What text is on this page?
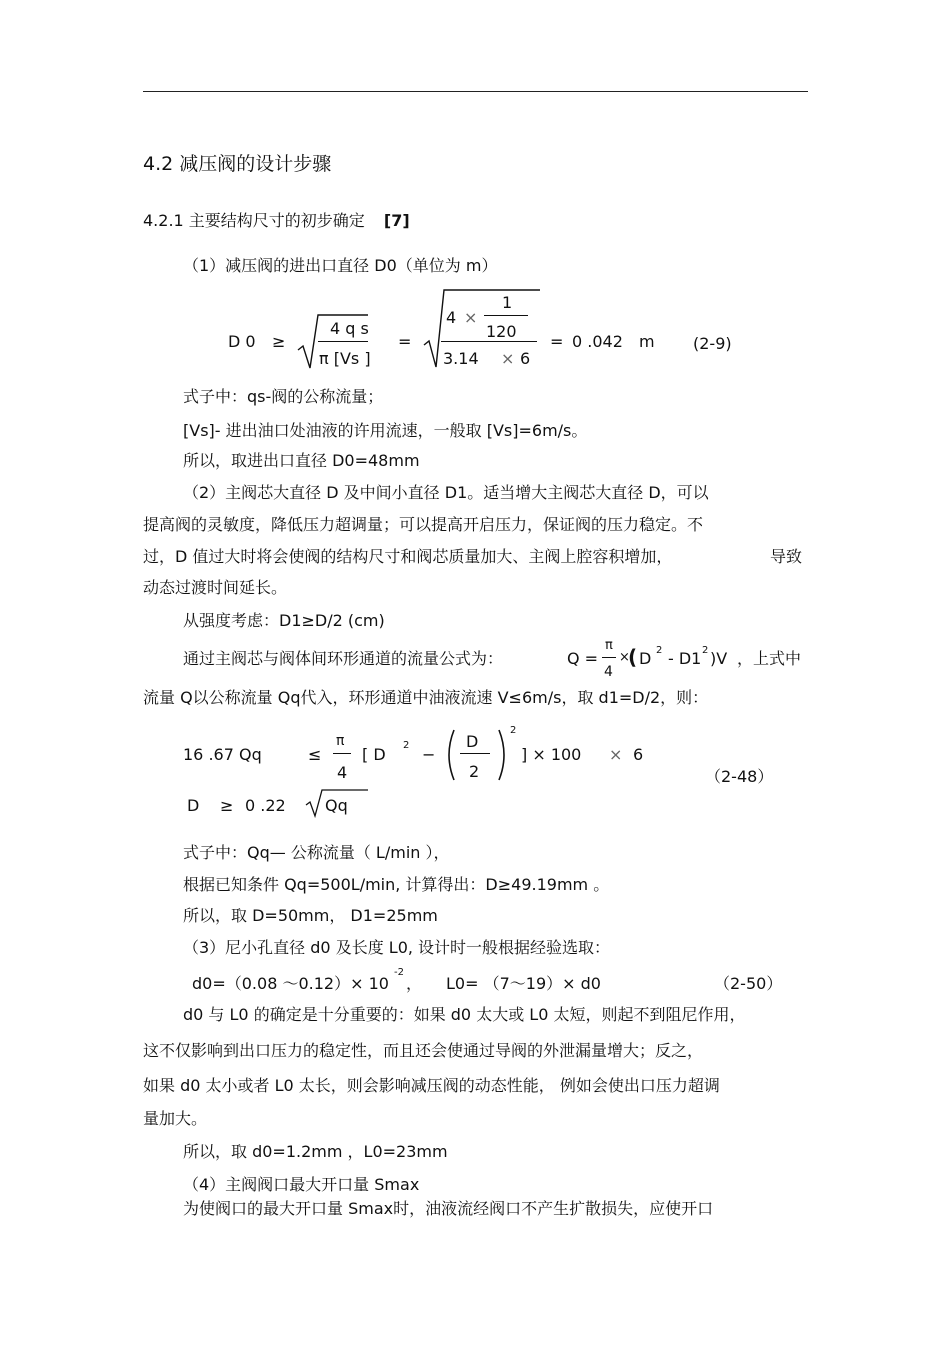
4.2 减压阀的设计步骤
4.2.1 主要结构尺寸的初步确定 [7]
（1）减压阀的进出口直径 D0（单位为 m）
D 0 ≥
4 q s
π [Vs ]
=
4 ×
1
120
3.14 × 6
= 0 .042 m (2-9)
式子中：qs-阀的公称流量；
[Vs]- 进出油口处油液的许用流速，一般取 [Vs]=6m/s。
所以，取进出口直径 D0=48mm
（2）主阀芯大直径 D 及中间小直径 D1。适当增大主阀芯大直径 D，可以
提高阀的灵敏度，降低压力超调量；可以提高开启压力，保证阀的压力稳定。不
过，D 值过大时将会使阀的结构尺寸和阀芯质量加大、主阀上腔容积增加，	导致
动态过渡时间延长。
从强度考虑：D1≥D/2 (cm)
通过主阀芯与阀体间环形通道的流量公式为：	Q =
π
4
×
( D 2 - D1 2 )V ，上式中
流量 Q以公称流量 Qq代入，环形通道中油液流速 V≤6m/s，取 d1=D/2，则：
16 .67 Qq	≤
π
4
[ D 2 −
D
2
2
] × 100 × 6
（2-48）
D ≥ 0 .22 Qq
式子中：Qq— 公称流量（ L/min ），
根据已知条件 Qq=500L/min, 计算得出：D≥49.19mm 。
所以，取 D=50mm， D1=25mm
（3）尼小孔直径 d0 及长度 L0, 设计时一般根据经验选取：
d0=（0.08 ～0.12）× 10
-2
， L0= （7～19）× d0	（2-50）
d0 与 L0 的确定是十分重要的：如果 d0 太大或 L0 太短，则起不到阻尼作用，
这不仅影响到出口压力的稳定性，而且还会使通过导阀的外泄漏量增大；反之，
如果 d0 太小或者 L0 太长，则会影响减压阀的动态性能， 例如会使出口压力超调
量加大。
所以，取 d0=1.2mm ，L0=23mm
（4）主阀阀口最大开口量 Smax
为使阀口的最大开口量 Smax时，油液流经阀口不产生扩散损失，应使开口
